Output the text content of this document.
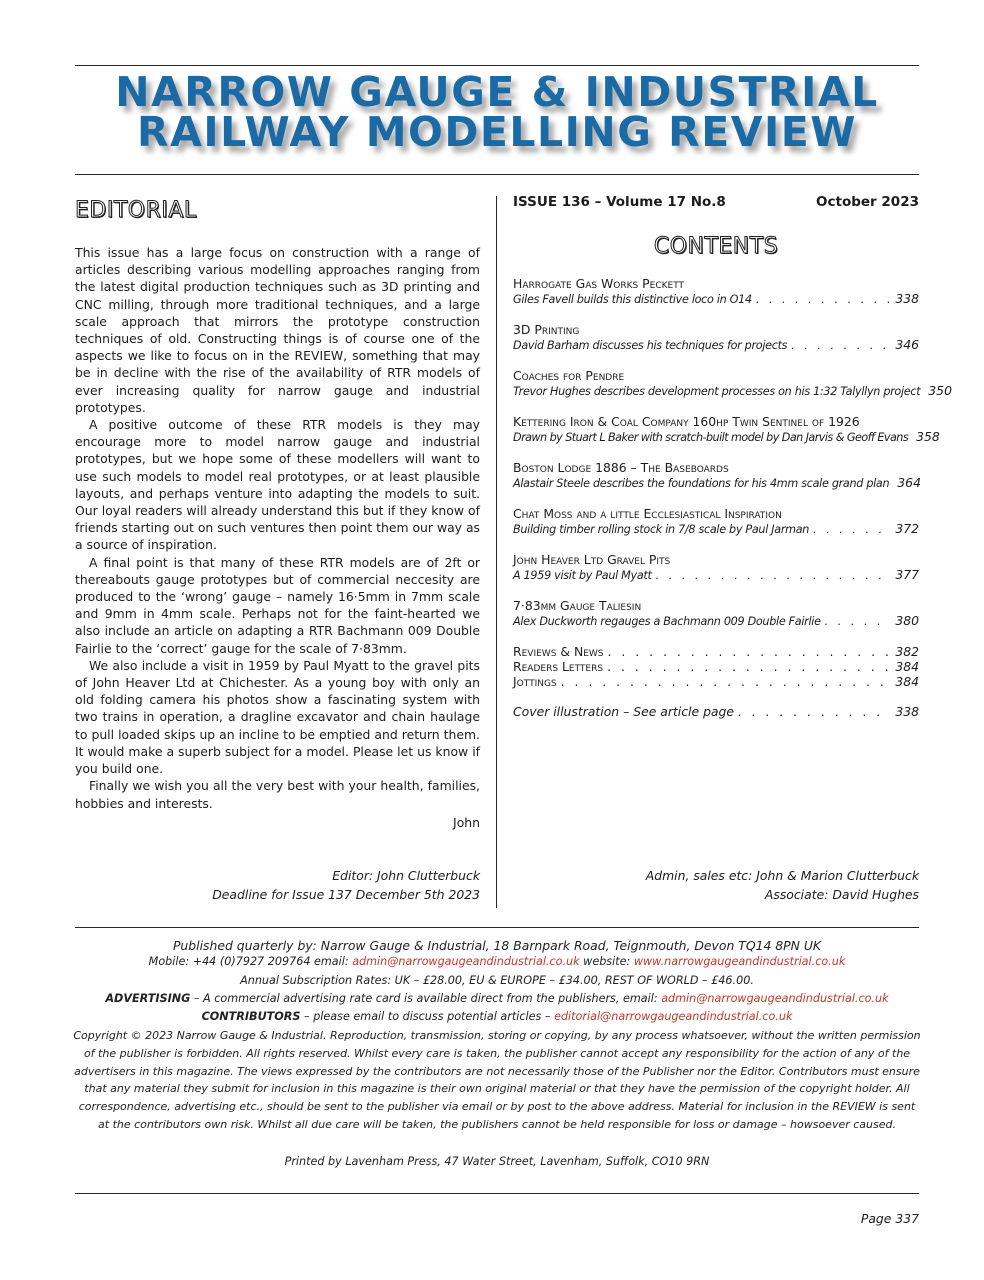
NARROW GAUGE & INDUSTRIAL
RAILWAY MODELLING REVIEW
EDITORIAL

This issue has a large focus on construction with a range of articles describing various modelling approaches ranging from the latest digital production techniques such as 3D printing and CNC milling, through more traditional techniques, and a large scale approach that mirrors the prototype construction techniques of old. Constructing things is of course one of the aspects we like to focus on in the REVIEW, something that may be in decline with the rise of the availability of RTR models of ever increasing quality for narrow gauge and industrial prototypes.

A positive outcome of these RTR models is they may encourage more to model narrow gauge and industrial prototypes, but we hope some of these modellers will want to use such models to model real prototypes, or at least plausible layouts, and perhaps venture into adapting the models to suit. Our loyal readers will already understand this but if they know of friends starting out on such ventures then point them our way as a source of inspiration.

A final point is that many of these RTR models are of 2ft or thereabouts gauge prototypes but of commercial neccesity are produced to the ‘wrong’ gauge – namely 16·5mm in 7mm scale and 9mm in 4mm scale. Perhaps not for the faint-hearted we also include an article on adapting a RTR Bachmann 009 Double Fairlie to the ‘correct’ gauge for the scale of 7·83mm.

We also include a visit in 1959 by Paul Myatt to the gravel pits of John Heaver Ltd at Chichester. As a young boy with only an old folding camera his photos show a fascinating system with two trains in operation, a dragline excavator and chain haulage to pull loaded skips up an incline to be emptied and return them. It would make a superb subject for a model. Please let us know if you build one.

Finally we wish you all the very best with your health, families, hobbies and interests.

John
Editor: John Clutterbuck
Deadline for Issue 137 December 5th 2023
ISSUE 136 – Volume 17 No.8	October 2023
CONTENTS
Harrogate Gas Works Peckett
Giles Favell builds this distinctive loco in O14 . . .	338
3D Printing
David Barham discusses his techniques for projects . . .	346
Coaches for Pendre
Trevor Hughes describes development processes on his 1:32 Talyllyn project 350
Kettering Iron & Coal Company 160hp Twin Sentinel of 1926
Drawn by Stuart L Baker with scratch-built model by Dan Jarvis & Geoff Evans 358
Boston Lodge 1886 – The Baseboards
Alastair Steele describes the foundations for his 4mm scale grand plan 364
Chat Moss and a little Ecclesiastical Inspiration
Building timber rolling stock in 7/8 scale by Paul Jarman . . .	372
John Heaver Ltd Gravel Pits
A 1959 visit by Paul Myatt . . .	377
7·83mm Gauge Taliesin
Alex Duckworth regauges a Bachmann 009 Double Fairlie . . .	380
Reviews & News . . .	382
Readers Letters . . .	384
Jottings . . .	384
Cover illustration – See article page . . .	338
Admin, sales etc: John & Marion Clutterbuck
Associate: David Hughes
Published quarterly by: Narrow Gauge & Industrial, 18 Barnpark Road, Teignmouth, Devon TQ14 8PN UK
Mobile: +44 (0)7927 209764 email: admin@narrowgaugeandindustrial.co.uk website: www.narrowgaugeandindustrial.co.uk
Annual Subscription Rates: UK – £28.00, EU & EUROPE – £34.00, REST OF WORLD – £46.00.
ADVERTISING – A commercial advertising rate card is available direct from the publishers, email: admin@narrowgaugeandindustrial.co.uk
CONTRIBUTORS – please email to discuss potential articles – editorial@narrowgaugeandindustrial.co.uk
Copyright © 2023 Narrow Gauge & Industrial. Reproduction, transmission, storing or copying, by any process whatsoever, without the written permission of the publisher is forbidden. All rights reserved. Whilst every care is taken, the publisher cannot accept any responsibility for the action of any of the advertisers in this magazine. The views expressed by the contributors are not necessarily those of the Publisher nor the Editor. Contributors must ensure that any material they submit for inclusion in this magazine is their own original material or that they have the permission of the copyright holder. All correspondence, advertising etc., should be sent to the publisher via email or by post to the above address. Material for inclusion in the REVIEW is sent at the contributors own risk. Whilst all due care will be taken, the publishers cannot be held responsible for loss or damage – howsoever caused.
Printed by Lavenham Press, 47 Water Street, Lavenham, Suffolk, CO10 9RN
Page 337
